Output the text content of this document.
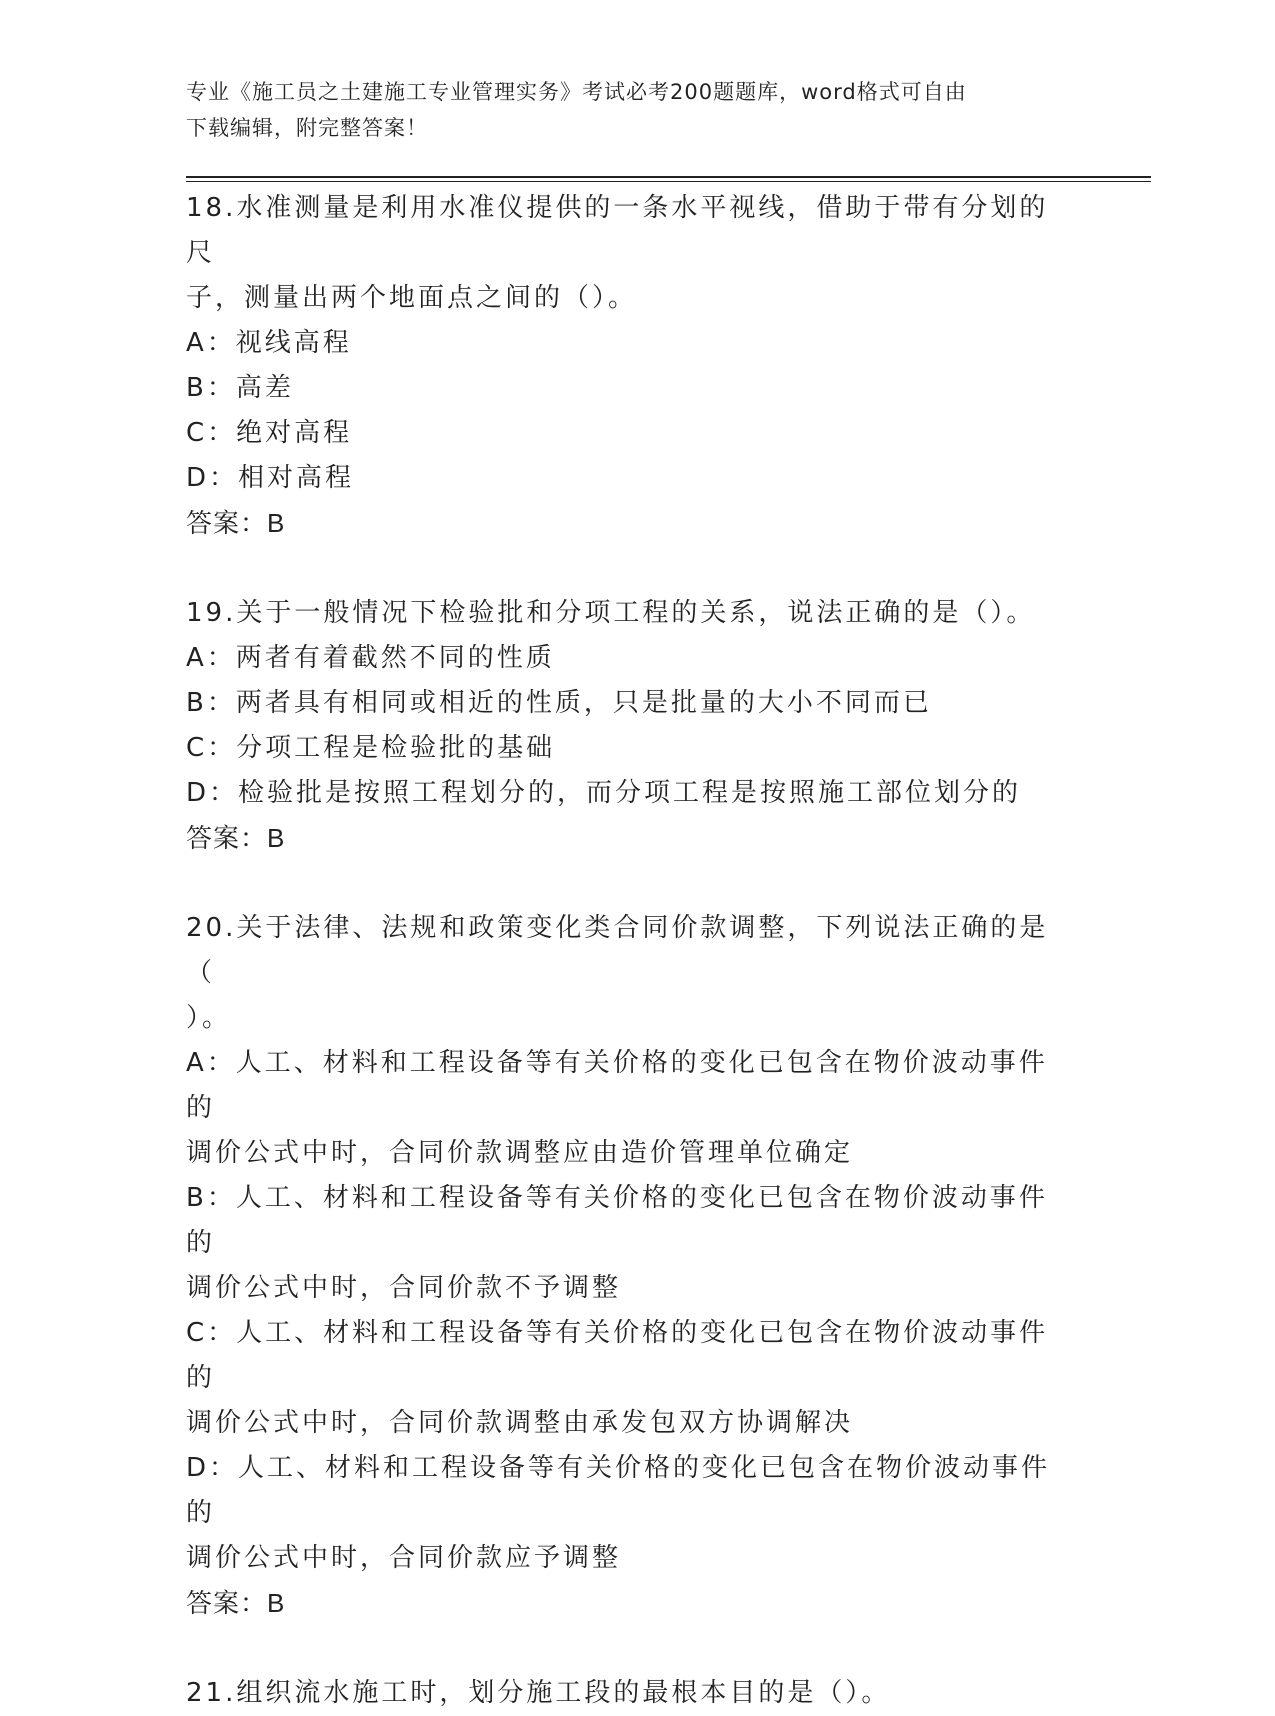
专业《施工员之土建施工专业管理实务》考试必考200题题库，word格式可自由
下载编辑，附完整答案！
18.水准测量是利用水准仪提供的一条水平视线，借助于带有分划的尺
子，测量出两个地面点之间的（）。
A：视线高程
B：高差
C：绝对高程
D：相对高程
答案：B
19.关于一般情况下检验批和分项工程的关系，说法正确的是（）。
A：两者有着截然不同的性质
B：两者具有相同或相近的性质，只是批量的大小不同而已
C：分项工程是检验批的基础
D：检验批是按照工程划分的，而分项工程是按照施工部位划分的
答案：B
20.关于法律、法规和政策变化类合同价款调整，下列说法正确的是（
）。
A：人工、材料和工程设备等有关价格的变化已包含在物价波动事件的
调价公式中时，合同价款调整应由造价管理单位确定
B：人工、材料和工程设备等有关价格的变化已包含在物价波动事件的
调价公式中时，合同价款不予调整
C：人工、材料和工程设备等有关价格的变化已包含在物价波动事件的
调价公式中时，合同价款调整由承发包双方协调解决
D：人工、材料和工程设备等有关价格的变化已包含在物价波动事件的
调价公式中时，合同价款应予调整
答案：B
21.组织流水施工时，划分施工段的最根本目的是（）。
